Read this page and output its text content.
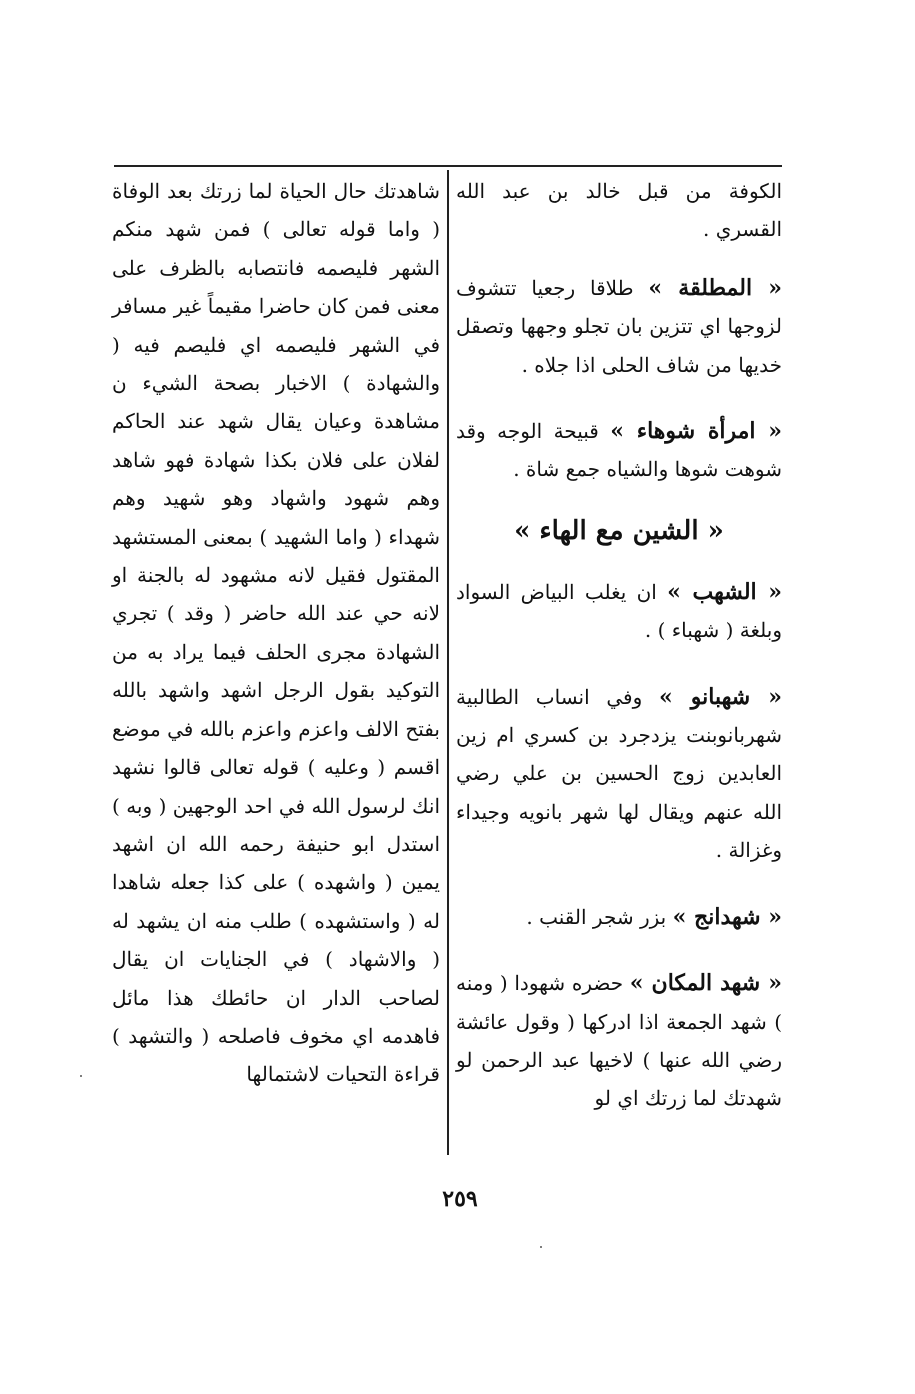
الكوفة من قبل خالد بن عبد الله القسري .

« المطلقة » طلاقا رجعيا تتشوف لزوجها اي تتزين بان تجلو وجهها وتصقل خديها من شاف الحلى اذا جلاه .

« امرأة شوهاء » قبيحة الوجه وقد شوهت شوها والشياه جمع شاة .

« الشين مع الهاء »

« الشهب » ان يغلب البياض السواد وبلغة ( شهباء ) .

« شهبانو » وفي انساب الطالبية شهربانوبنت يزدجرد بن كسري ام زين العابدين زوج الحسين بن علي رضي الله عنهم ويقال لها شهر بانويه وجيداء وغزالة .

« شهدانج » بزر شجر القنب .

« شهد المكان » حضره شهودا ( ومنه ) شهد الجمعة اذا ادركها ( وقول عائشة رضي الله عنها ) لاخيها عبد الرحمن لو شهدتك لما زرتك اي لو

شاهدتك حال الحياة لما زرتك بعد الوفاة ( واما قوله تعالى ) فمن شهد منكم الشهر فليصمه فانتصابه بالظرف على معنى فمن كان حاضرا مقيماً غير مسافر في الشهر فليصمه اي فليصم فيه ( والشهادة ) الاخبار بصحة الشيء ن مشاهدة وعيان يقال شهد عند الحاكم لفلان على فلان بكذا شهادة فهو شاهد وهم شهود واشهاد وهو شهيد وهم شهداء ( واما الشهيد ) بمعنى المستشهد المقتول فقيل لانه مشهود له بالجنة او لانه حي عند الله حاضر ( وقد ) تجري الشهادة مجرى الحلف فيما يراد به من التوكيد بقول الرجل اشهد واشهد بالله بفتح الالف واعزم واعزم بالله في موضع اقسم ( وعليه ) قوله تعالى قالوا نشهد انك لرسول الله في احد الوجهين ( وبه ) استدل ابو حنيفة رحمه الله ان اشهد يمين ( واشهده ) على كذا جعله شاهدا له ( واستشهده ) طلب منه ان يشهد له ( والاشهاد ) في الجنايات ان يقال لصاحب الدار ان حائطك هذا مائل فاهدمه اي مخوف فاصلحه ( والتشهد ) قراءة التحيات لاشتمالها

٢٥٩
